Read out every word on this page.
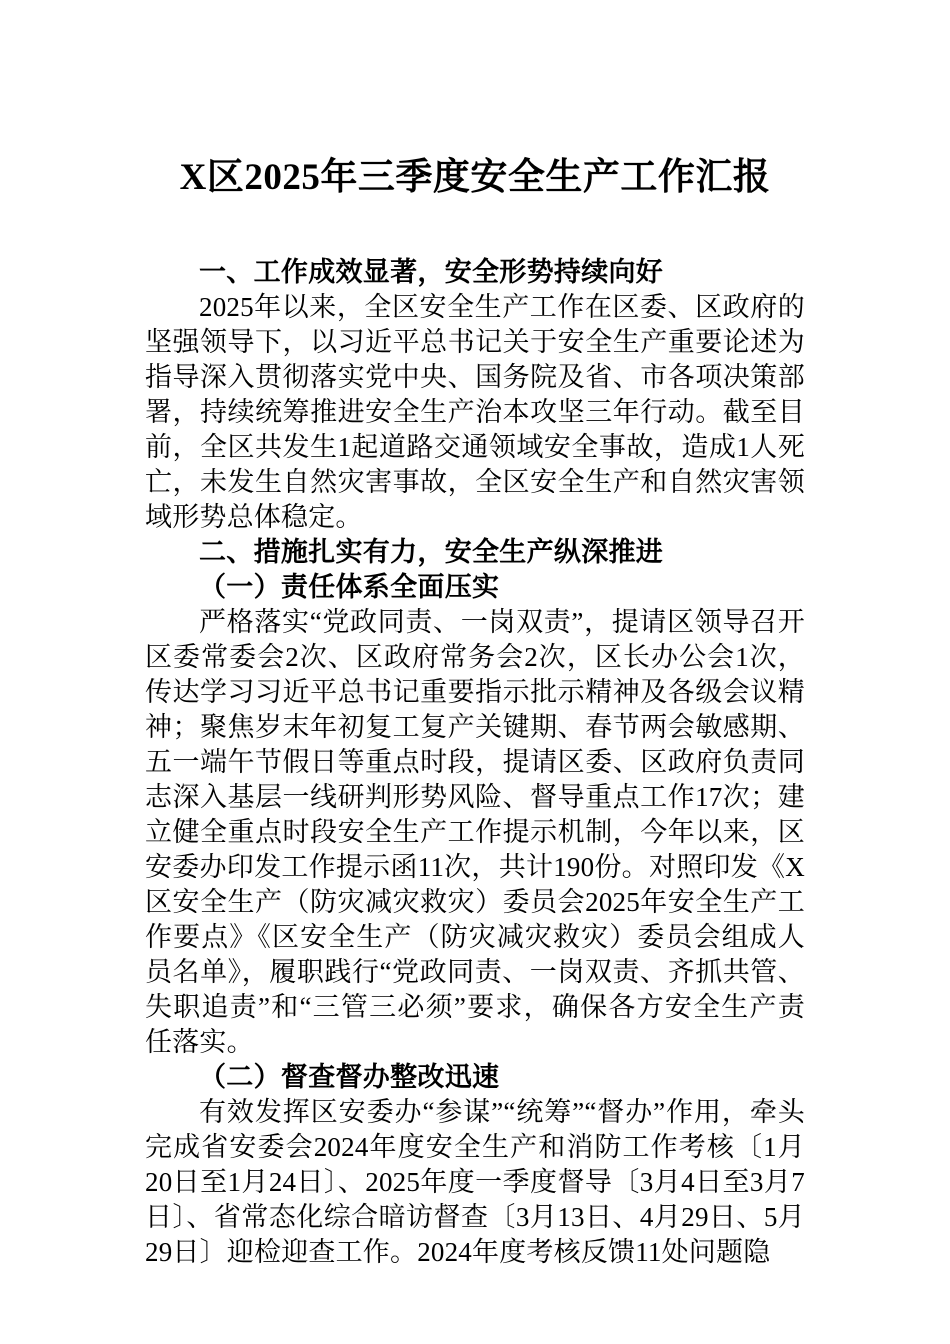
X区2025年三季度安全生产工作汇报

一、工作成效显著，安全形势持续向好

2025年以来，全区安全生产工作在区委、区政府的坚强领导下，以习近平总书记关于安全生产重要论述为指导深入贯彻落实党中央、国务院及省、市各项决策部署，持续统筹推进安全生产治本攻坚三年行动。截至目前，全区共发生1起道路交通领域安全事故，造成1人死亡，未发生自然灾害事故，全区安全生产和自然灾害领域形势总体稳定。

二、措施扎实有力，安全生产纵深推进

（一）责任体系全面压实

严格落实“党政同责、一岗双责”，提请区领导召开区委常委会2次、区政府常务会2次，区长办公会1次，传达学习习近平总书记重要指示批示精神及各级会议精神；聚焦岁末年初复工复产关键期、春节两会敏感期、五一端午节假日等重点时段，提请区委、区政府负责同志深入基层一线研判形势风险、督导重点工作17次；建立健全重点时段安全生产工作提示机制，今年以来，区安委办印发工作提示函11次，共计190份。对照印发《X区安全生产（防灾减灾救灾）委员会2025年安全生产工作要点》《区安全生产（防灾减灾救灾）委员会组成人员名单》，履职践行“党政同责、一岗双责、齐抓共管、失职追责”和“三管三必须”要求，确保各方安全生产责任落实。

（二）督查督办整改迅速

有效发挥区安委办“参谋”“统筹”“督办”作用，牵头完成省安委会2024年度安全生产和消防工作考核〔1月20日至1月24日〕、2025年度一季度督导〔3月4日至3月7日〕、省常态化综合暗访督查〔3月13日、4月29日、5月29日〕迎检迎查工作。2024年度考核反馈11处问题隐
